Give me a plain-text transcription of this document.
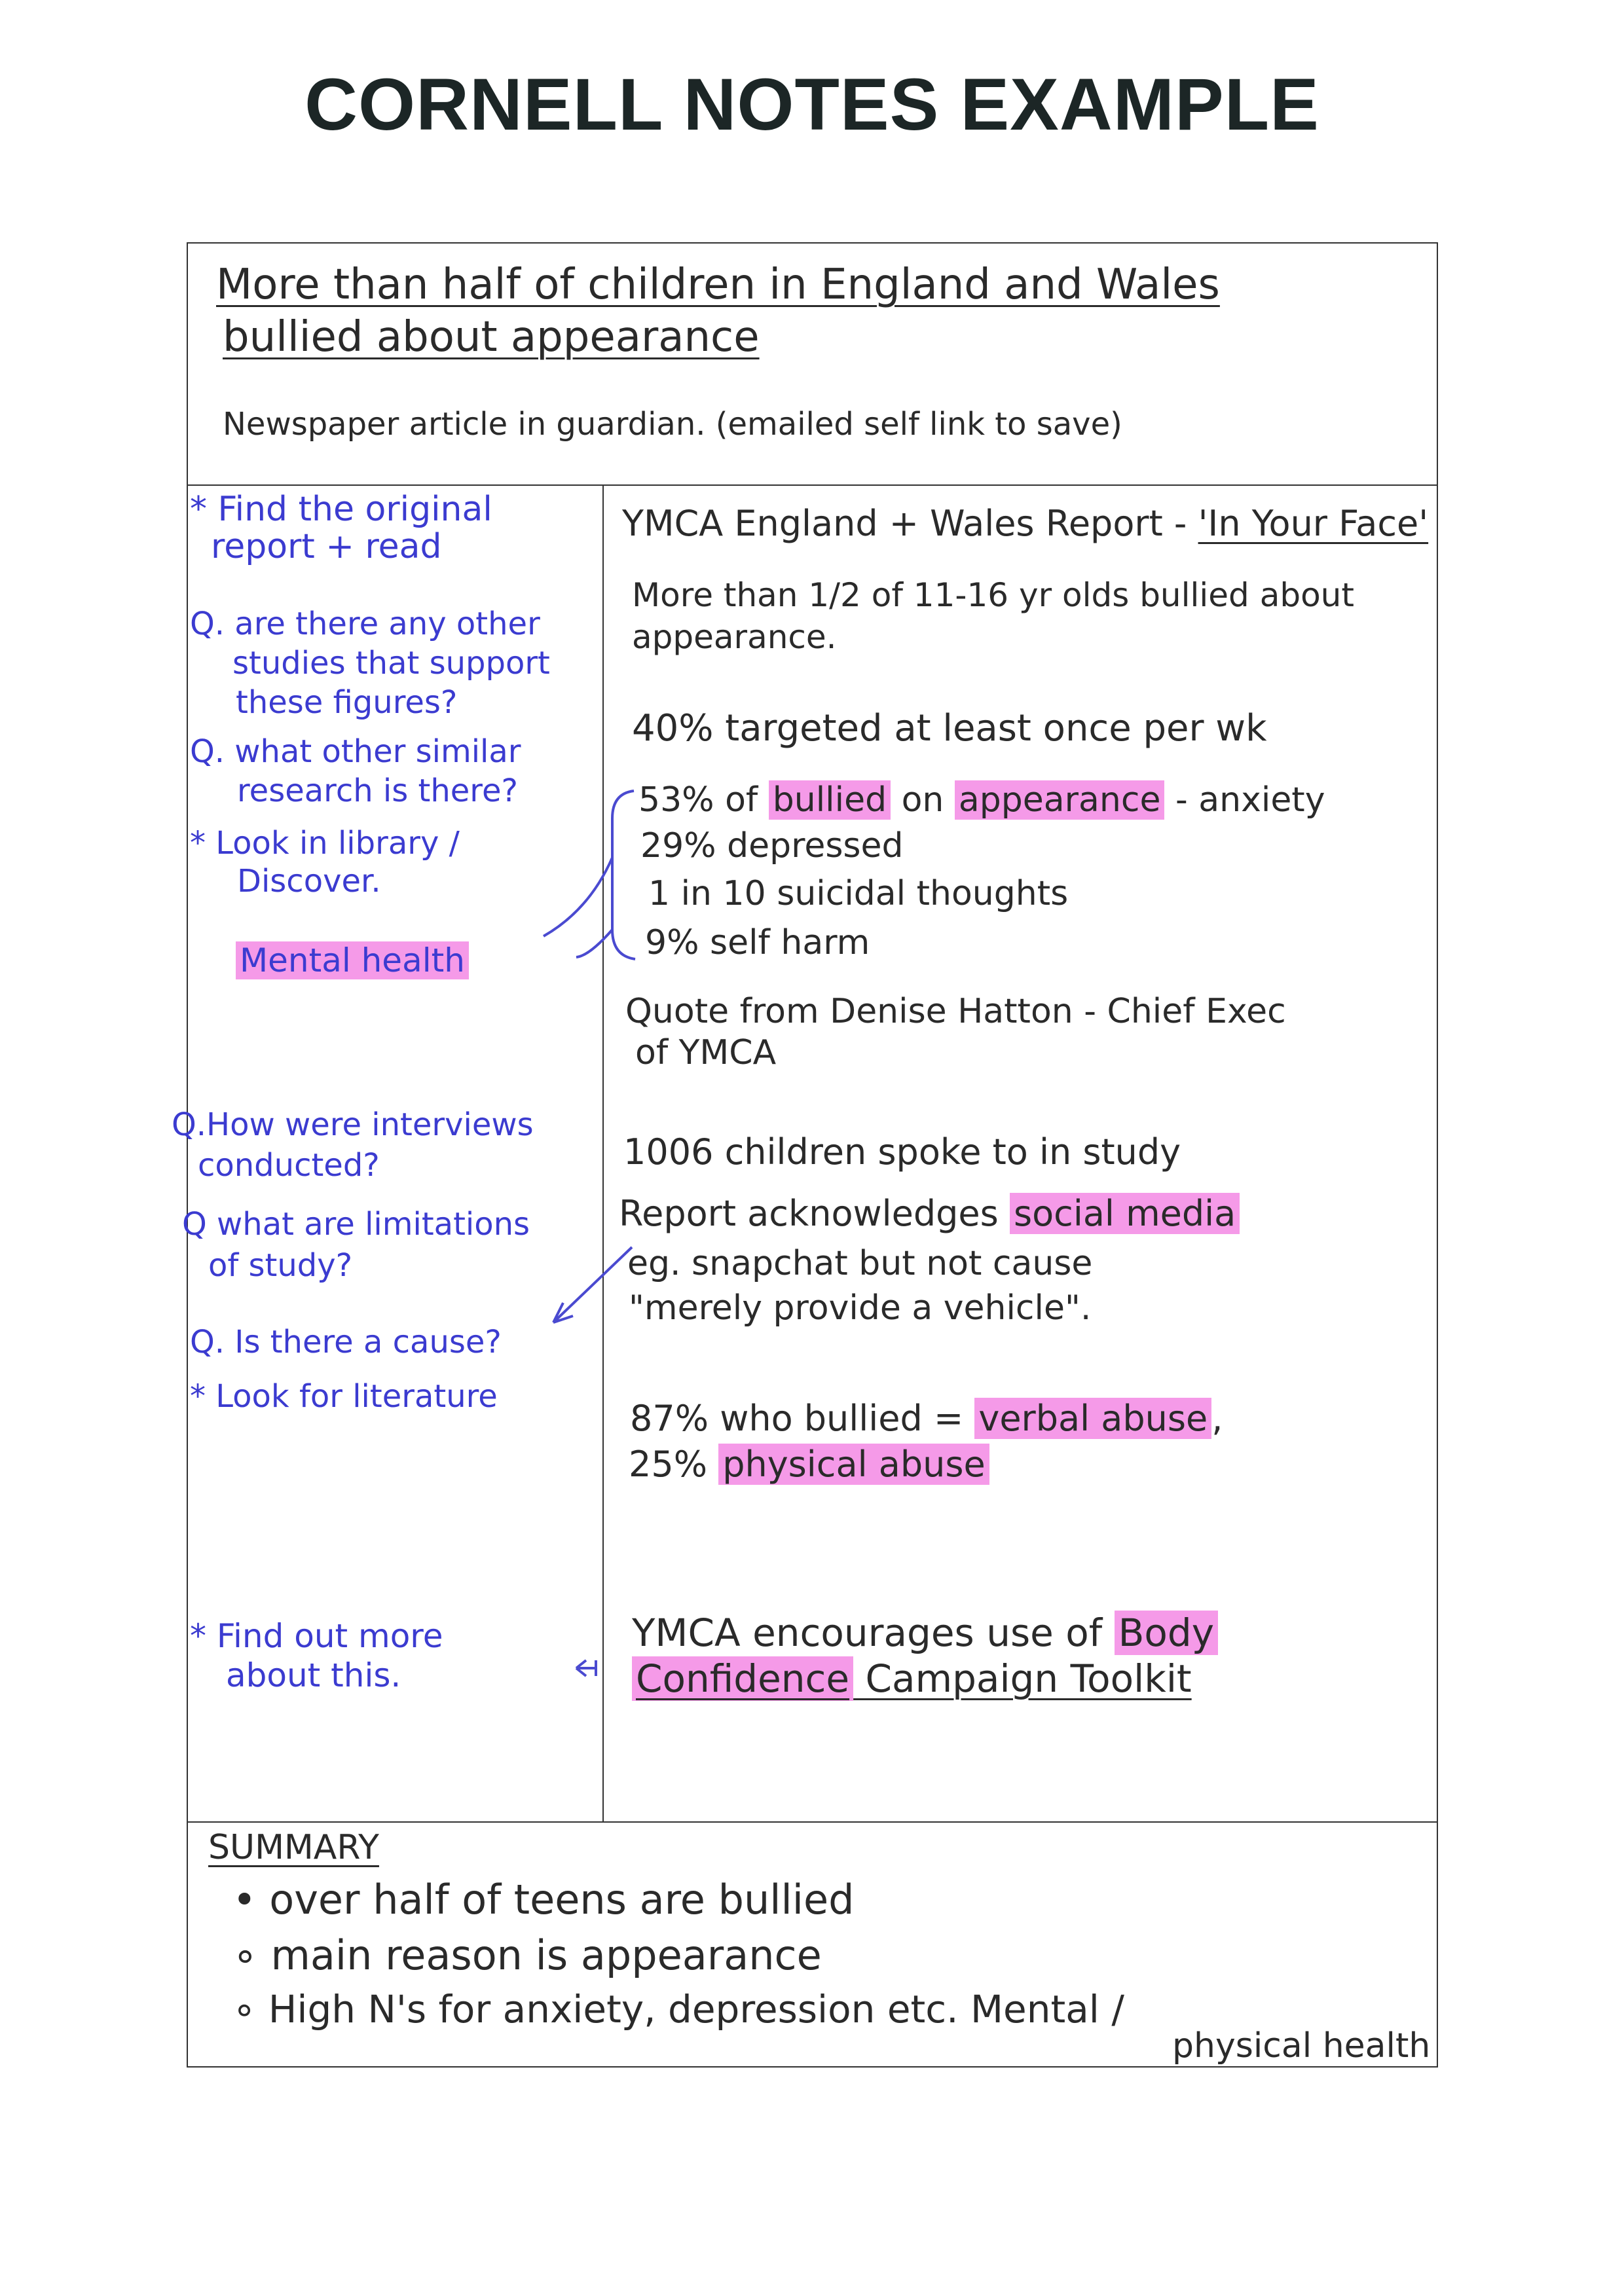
CORNELL NOTES EXAMPLE
More than half of children in England and Wales
bullied about appearance
Newspaper article in guardian. (emailed self link to save)
* Find the original
report + read
Q. are there any other
studies that support
these figures?
Q. what other similar
research is there?
* Look in library /
Discover.
Mental health
Q.How were interviews
conducted?
Q what are limitations
of study?
Q. Is there a cause?
* Look for literature
* Find out more
about this.
YMCA England + Wales Report - 'In Your Face'
More than 1/2 of 11-16 yr olds bullied about
appearance.
40% targeted at least once per wk
53% of bullied on appearance - anxiety
29% depressed
1 in 10 suicidal thoughts
9% self harm
Quote from Denise Hatton - Chief Exec
of YMCA
1006 children spoke to in study
Report acknowledges social media
eg. snapchat but not cause
"merely provide a vehicle".
87% who bullied = verbal abuse ,
25% physical abuse
YMCA encourages use of Body
Confidence Campaign Toolkit
SUMMARY
• over half of teens are bullied
∘ main reason is appearance
∘ High N's for anxiety, depression etc. Mental /
physical health
